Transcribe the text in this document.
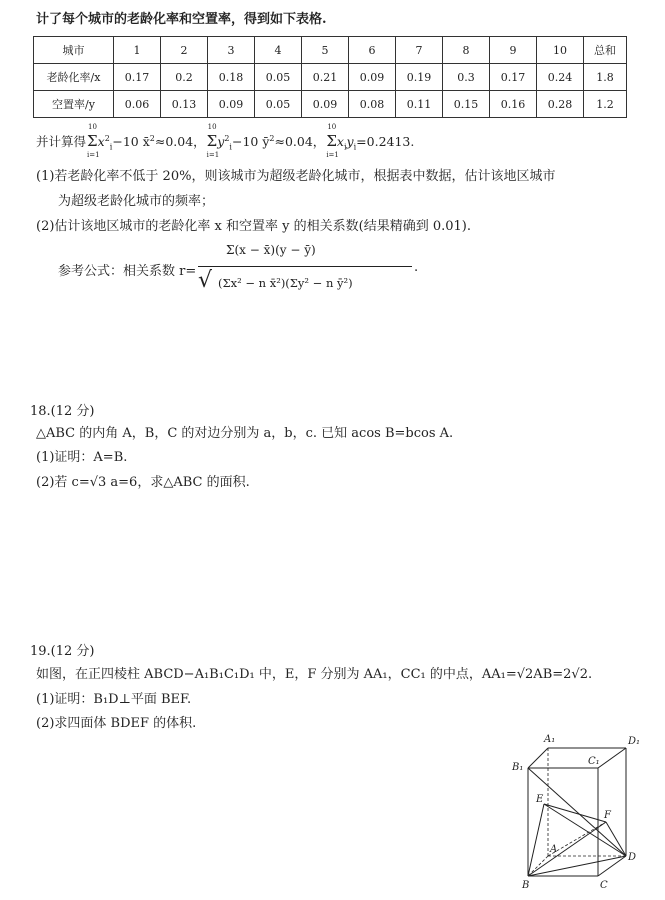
计了每个城市的老龄化率和空置率，得到如下表格.
城市	1	2	3	4	5	6	7	8	9	10	总和
老龄化率/x	0.17	0.2	0.18	0.05	0.21	0.09	0.19	0.3	0.17	0.24	1.8
空置率/y	0.06	0.13	0.09	0.05	0.09	0.08	0.11	0.15	0.16	0.28	1.2
并计算得Σ
10
i=1
$x^2_i-10$ x̄$^2$≈0.04，Σ
10
i=1
$y^2_i-10$ $ȳ^2\approx 0.04$，Σ
10
i=1
$x_iy_i=0.2413$.
(1)若老龄化率不低于 20%，则该城市为超级老龄化城市，根据表中数据，估计该地区城市
为超级老龄化城市的频率；
(2)估计该地区城市的老龄化率 x 和空置率 y 的相关系数(结果精确到 0.01).
参考公式：相关系数 r=
Σ(x − x̄)(y − ȳ)
√ (Σx² − n x̄²)(Σy² − n ȳ²)
.
18.(12 分)
△ABC 的内角 A，B，C 的对边分别为 a，b，c. 已知 acos B=bcos A.
(1)证明：A=B.
(2)若 c=√3 a=6，求△ABC 的面积.
19.(12 分)
如图，在正四棱柱 ABCD−A₁B₁C₁D₁ 中，E，F 分别为 AA₁，CC₁ 的中点，AA₁=√2AB=2√2.
(1)证明：B₁D⊥平面 BEF.
(2)求四面体 BDEF 的体积.
A₁	D₁
B₁
C₁
E
F
A
D
B	C
